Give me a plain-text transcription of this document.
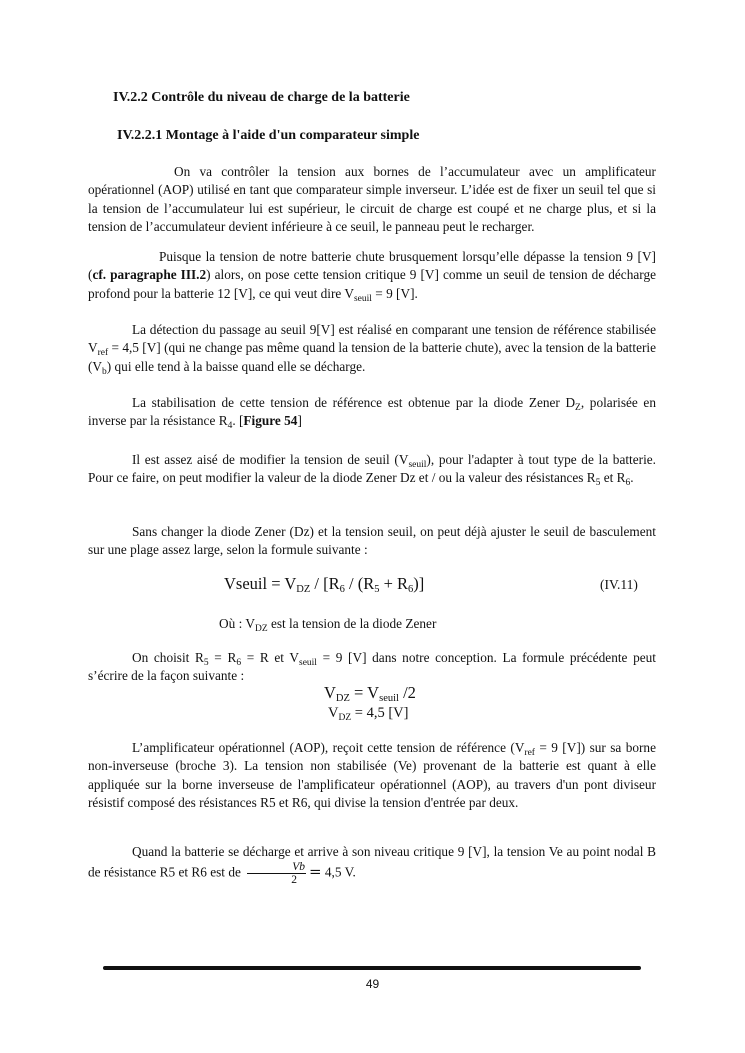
IV.2.2 Contrôle du niveau de charge de la batterie
IV.2.2.1 Montage à l'aide d'un comparateur simple
On va contrôler la tension aux bornes de l’accumulateur avec un amplificateur opérationnel (AOP) utilisé en tant que comparateur simple inverseur. L’idée est de fixer un seuil tel que si la tension de l’accumulateur lui est supérieur, le circuit de charge est coupé et ne charge plus, et si la tension de l’accumulateur devient inférieure à ce seuil, le panneau peut le recharger.
Puisque la tension de notre batterie chute brusquement lorsqu’elle dépasse la tension 9 [V] (cf. paragraphe III.2) alors, on pose cette tension critique 9 [V] comme un seuil de tension de décharge profond pour la batterie 12 [V], ce qui veut dire $V_{seuil} = 9$ [V].
La détection du passage au seuil 9[V] est réalisé en comparant une tension de référence stabilisée $V_{ref} = 4,5$ [V] (qui ne change pas même quand la tension de la batterie chute), avec la tension de la batterie $(V_b)$ qui elle tend à la baisse quand elle se décharge.
La stabilisation de cette tension de référence est obtenue par la diode Zener $D_Z$, polarisée en inverse par la résistance $R_4$. [Figure 54]
Il est assez aisé de modifier la tension de seuil $(V_{seuil})$, pour l'adapter à tout type de la batterie. Pour ce faire, on peut modifier la valeur de la diode Zener Dz et / ou la valeur des résistances $R_5$ et $R_6$.
Sans changer la diode Zener (Dz) et la tension seuil, on peut déjà ajuster le seuil de basculement sur une plage assez large, selon la formule suivante :
Vseuil = $V_{DZ} / [R_6 / (R_5 + R_6)]$	(IV.11)
Où : $V_{DZ}$ est la tension de la diode Zener
On choisit $R_5 = R_6 = R$ et $V_{seuil} = 9$ [V] dans notre conception. La formule précédente peut s’écrire de la façon suivante :
$V_{DZ} = V_{seuil}$ /2
$V_{DZ} = 4,5$ [V]
L’amplificateur opérationnel (AOP), reçoit cette tension de référence ($V_{ref} = 9$ [V]) sur sa borne non-inverseuse (broche 3). La tension non stabilisée (Ve) provenant de la batterie est quant à elle appliquée sur la borne inverseuse de l'amplificateur opérationnel (AOP), au travers d'un pont diviseur résistif composé des résistances R5 et R6, qui divise la tension d'entrée par deux.
Quand la batterie se décharge et arrive à son niveau critique 9 [V], la tension Ve au point nodal B de résistance R5 et R6 est de $\frac{Vb}{2} = 4,5$ V.
49
